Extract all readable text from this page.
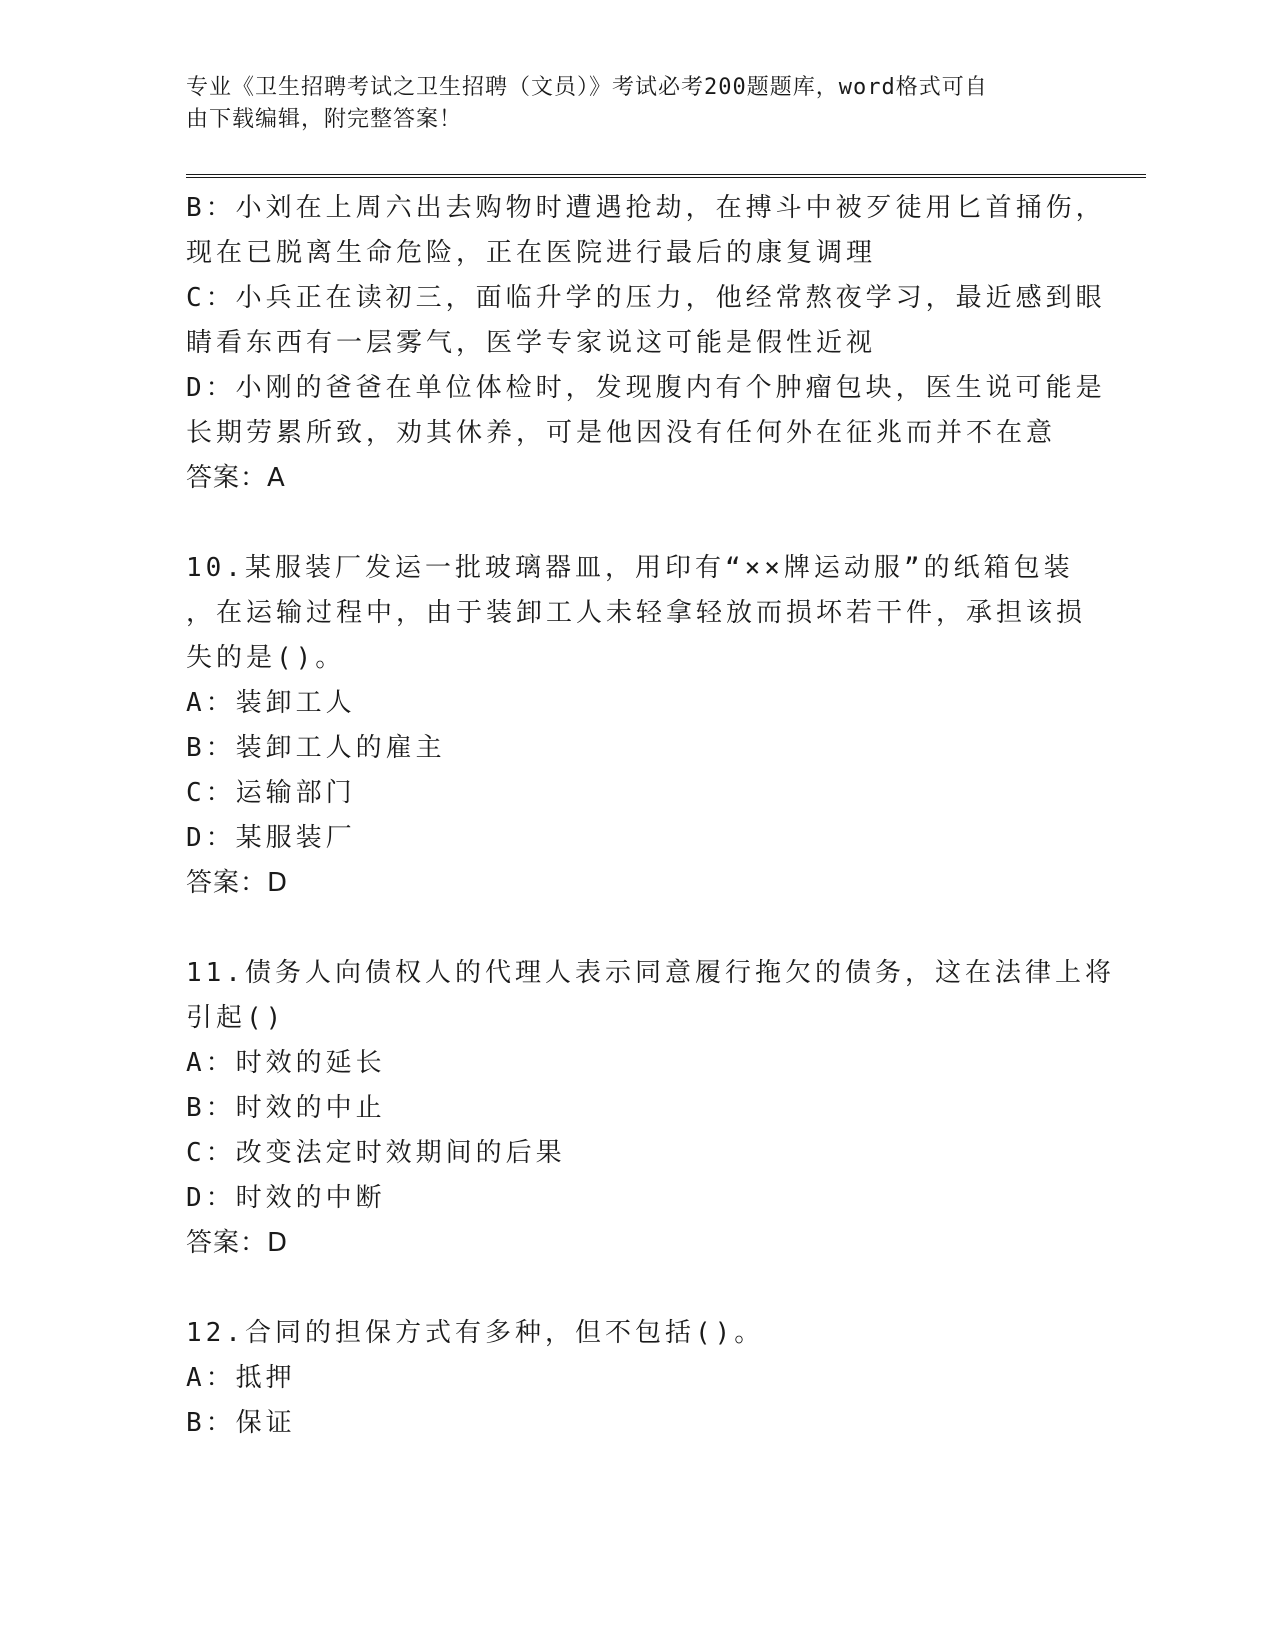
专业《卫生招聘考试之卫生招聘（文员）》考试必考200题题库，word格式可自
由下载编辑，附完整答案！
B：小刘在上周六出去购物时遭遇抢劫，在搏斗中被歹徒用匕首捅伤，
现在已脱离生命危险，正在医院进行最后的康复调理
C：小兵正在读初三，面临升学的压力，他经常熬夜学习，最近感到眼
睛看东西有一层雾气，医学专家说这可能是假性近视
D：小刚的爸爸在单位体检时，发现腹内有个肿瘤包块，医生说可能是
长期劳累所致，劝其休养，可是他因没有任何外在征兆而并不在意
答案：A
10.某服装厂发运一批玻璃器皿，用印有“××牌运动服”的纸箱包装
，在运输过程中，由于装卸工人未轻拿轻放而损坏若干件，承担该损
失的是()。
A：装卸工人
B：装卸工人的雇主
C：运输部门
D：某服装厂
答案：D
11.债务人向债权人的代理人表示同意履行拖欠的债务，这在法律上将
引起()
A：时效的延长
B：时效的中止
C：改变法定时效期间的后果
D：时效的中断
答案：D
12.合同的担保方式有多种，但不包括()。
A：抵押
B：保证
